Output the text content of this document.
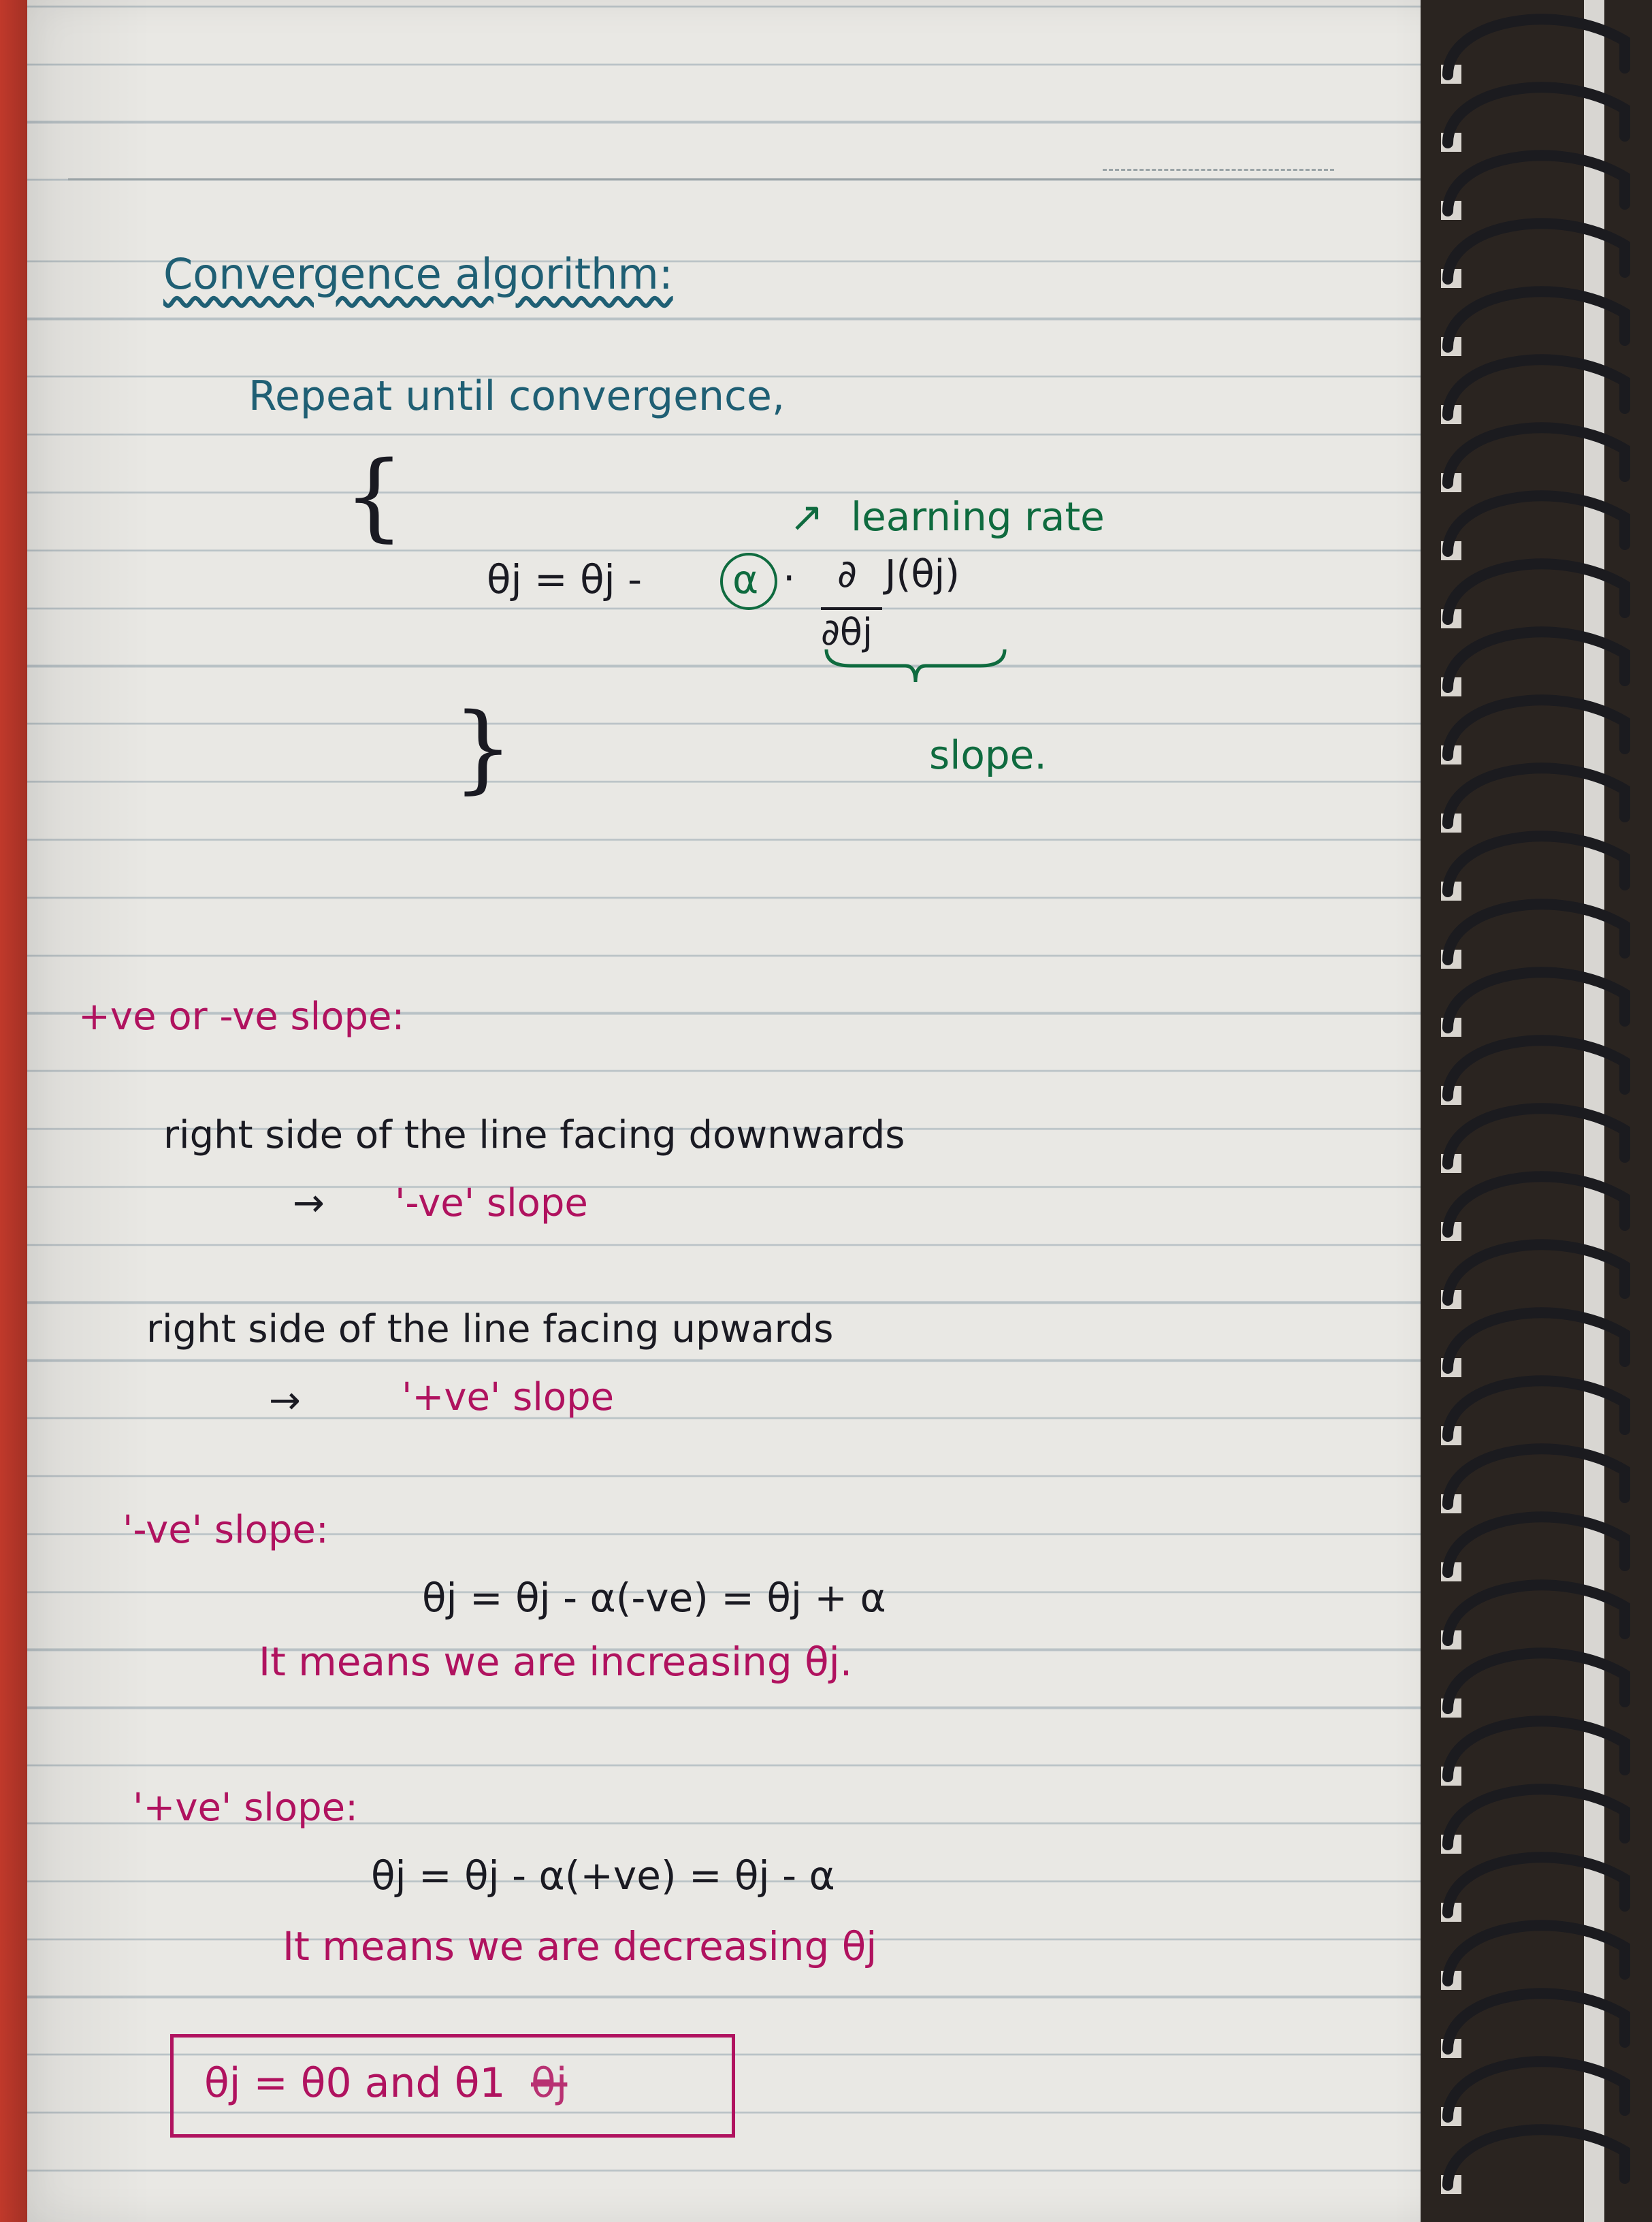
Convergence algorithm:
Repeat until convergence,
{
}
θj = θj - α · ∂
∂θj
J(θj)
↗ learning rate
slope.
+ve or -ve slope:
right side of the line facing downwards
→ '-ve' slope
right side of the line facing upwards
→	'+ve' slope
'-ve' slope:
θj = θj - α(-ve) = θj + α
It means we are increasing θj.
'+ve' slope:
θj = θj - α(+ve) = θj - α
It means we are decreasing θj
θj = θ0 and θ1 θj
